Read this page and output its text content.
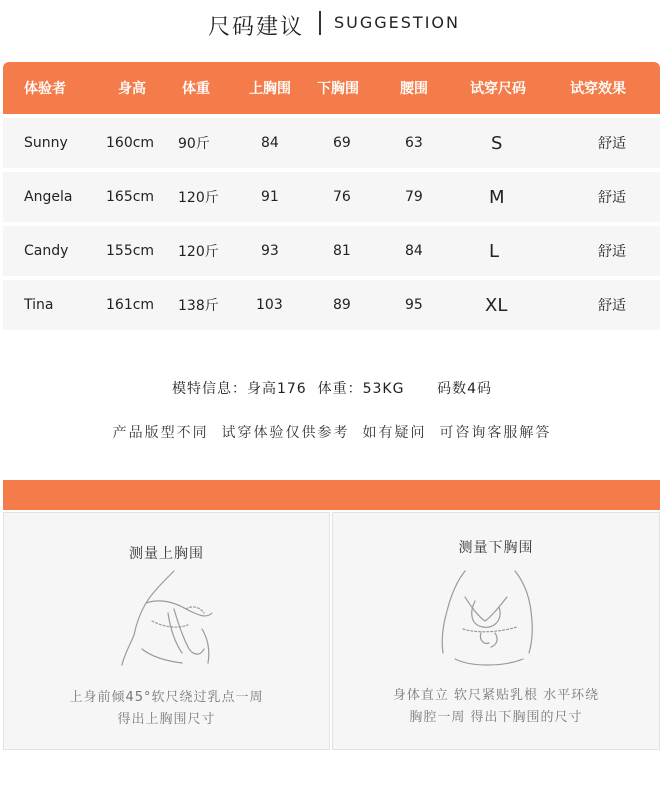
尺码建议 SUGGESTION
体验者	身高	体重	上胸围 下胸围	腰围	试穿尺码	试穿效果
Sunny	160cm 90斤	84	69	63	S	舒适
Angela 165cm 120斤	91	76	79	M	舒适
Candy	155cm 120斤	93	81	84	L	舒适
Tina	161cm 138斤	103	89	95	XL	舒适
模特信息：身高176  体重：53KG      码数4码
产品版型不同  试穿体验仅供参考  如有疑问  可咨询客服解答
测量上胸围
上身前倾45°软尺绕过乳点一周
得出上胸围尺寸
测量下胸围
身体直立 软尺紧贴乳根 水平环绕
胸腔一周 得出下胸围的尺寸
